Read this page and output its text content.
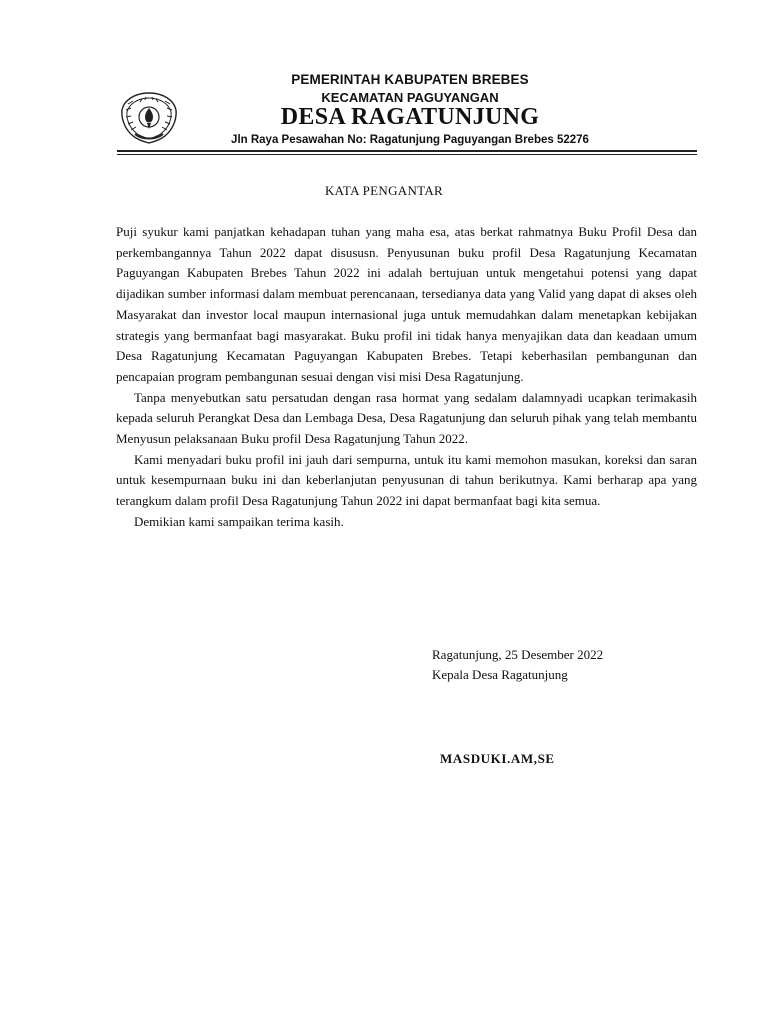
PEMERINTAH KABUPATEN BREBES
KECAMATAN PAGUYANGAN
DESA RAGATUNJUNG
Jln Raya Pesawahan No: Ragatunjung Paguyangan Brebes 52276
KATA PENGANTAR

Puji syukur kami panjatkan kehadapan tuhan yang maha esa, atas berkat rahmatnya Buku Profil Desa dan perkembangannya Tahun 2022 dapat disususn. Penyusunan buku profil Desa Ragatunjung Kecamatan Paguyangan Kabupaten Brebes Tahun 2022 ini adalah bertujuan untuk mengetahui potensi yang dapat dijadikan sumber informasi dalam membuat perencanaan, tersedianya data yang Valid yang dapat di akses oleh Masyarakat dan investor local maupun internasional juga untuk memudahkan dalam menetapkan kebijakan strategis yang bermanfaat bagi masyarakat. Buku profil ini tidak hanya menyajikan data dan keadaan umum Desa Ragatunjung Kecamatan Paguyangan Kabupaten Brebes. Tetapi keberhasilan pembangunan dan pencapaian program pembangunan sesuai dengan visi misi Desa Ragatunjung.

Tanpa menyebutkan satu persatudan dengan rasa hormat yang sedalam dalamnyadi ucapkan terimakasih kepada seluruh Perangkat Desa dan Lembaga Desa, Desa Ragatunjung dan seluruh pihak yang telah membantu Menyusun pelaksanaan Buku profil Desa Ragatunjung Tahun 2022.

Kami menyadari buku profil ini jauh dari sempurna, untuk itu kami memohon masukan, koreksi dan saran untuk kesempurnaan buku ini dan keberlanjutan penyusunan di tahun berikutnya. Kami berharap apa yang terangkum dalam profil Desa Ragatunjung Tahun 2022 ini dapat bermanfaat bagi kita semua.

Demikian kami sampaikan terima kasih.

Ragatunjung, 25 Desember 2022
Kepala Desa Ragatunjung
MASDUKI.AM,SE
